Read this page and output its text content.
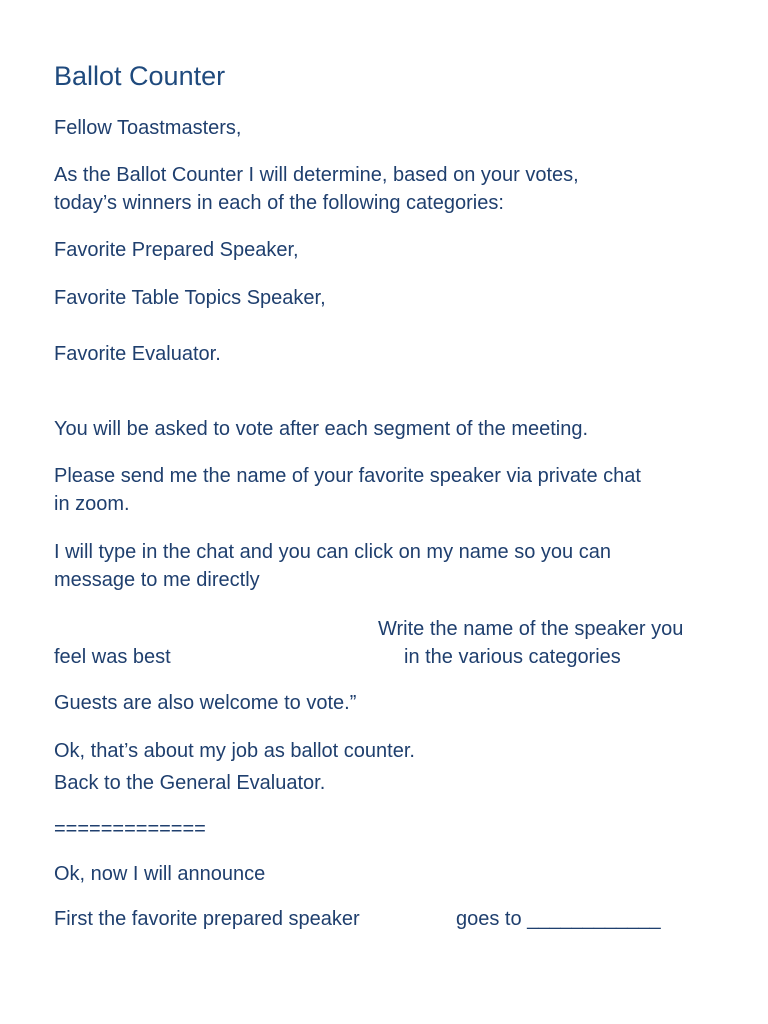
Ballot Counter
Fellow Toastmasters,
As the Ballot Counter I will determine, based on your votes,
today’s winners in each of the following categories:
Favorite Prepared Speaker,
Favorite Table Topics Speaker,
Favorite Evaluator.
You will be asked to vote after each segment of the meeting.
Please send me the name of your favorite speaker via private chat
in zoom.
I will type in the chat and you can click on my name so you can
message to me directly
Write the name of the speaker you
feel was best	in the various categories
Guests are also welcome to vote.”
Ok, that’s about my job as ballot counter.
Back to the General Evaluator.
=============
Ok, now I will announce
First the favorite prepared speaker	goes to ____________
